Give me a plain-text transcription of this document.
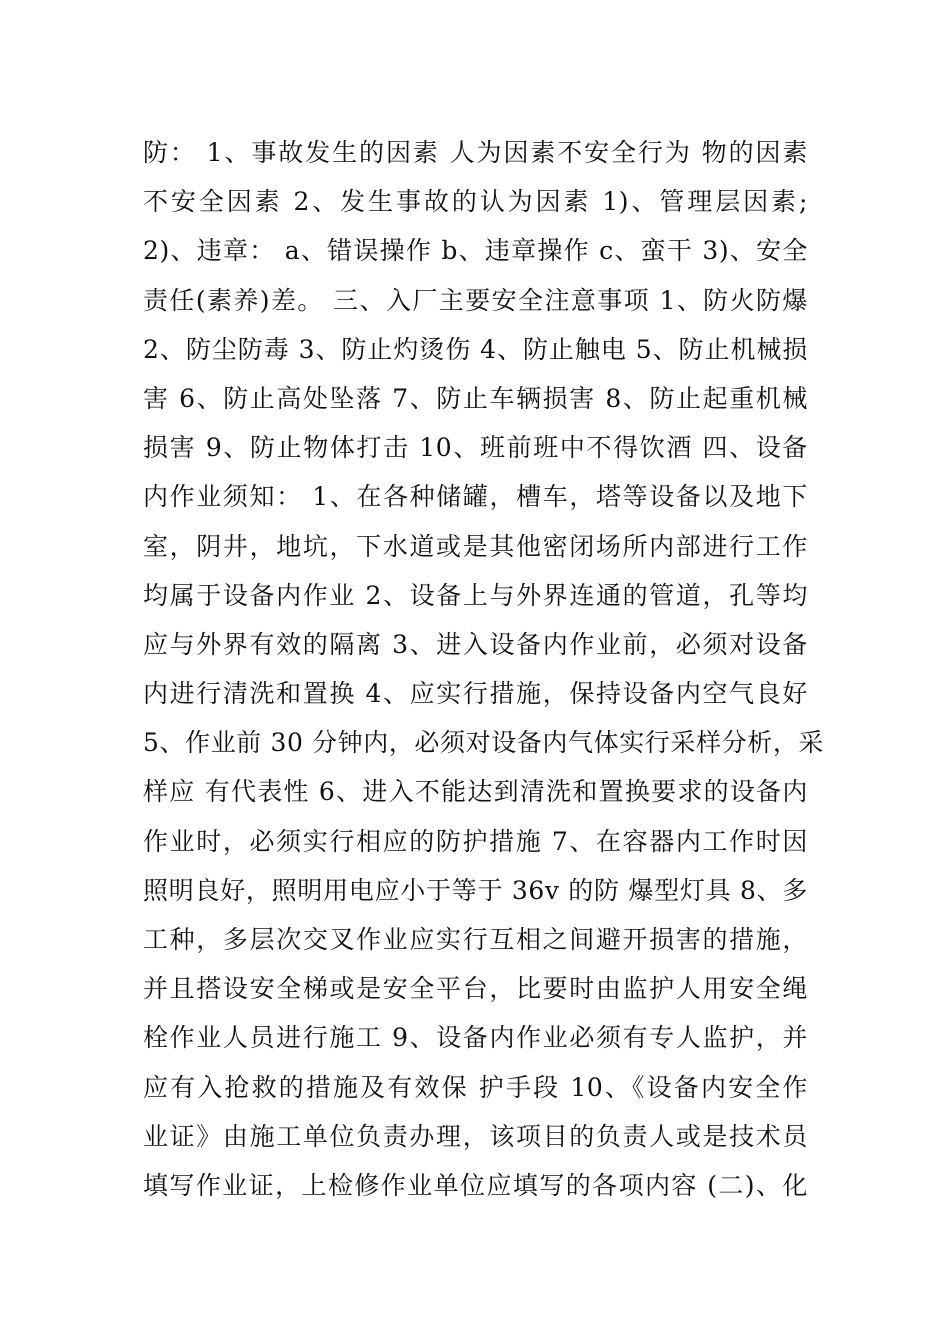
防： 1、事故发生的因素 人为因素不安全行为 物的因素
不安全因素 2、发生事故的认为因素 1)、管理层因素;
2)、违章： a、错误操作 b、违章操作 c、蛮干 3)、安全
责任(素养)差。 三、入厂主要安全注意事项 1、防火防爆
2、防尘防毒 3、防止灼烫伤 4、防止触电 5、防止机械损
害 6、防止高处坠落 7、防止车辆损害 8、防止起重机械
损害 9、防止物体打击 10、班前班中不得饮酒 四、设备
内作业须知： 1、在各种储罐，槽车，塔等设备以及地下
室，阴井，地坑，下水道或是其他密闭场所内部进行工作
均属于设备内作业 2、设备上与外界连通的管道，孔等均
应与外界有效的隔离 3、进入设备内作业前，必须对设备
内进行清洗和置换 4、应实行措施，保持设备内空气良好
5、作业前 30 分钟内，必须对设备内气体实行采样分析，采
样应 有代表性 6、进入不能达到清洗和置换要求的设备内
作业时，必须实行相应的防护措施 7、在容器内工作时因
照明良好，照明用电应小于等于 36v 的防 爆型灯具 8、多
工种，多层次交叉作业应实行互相之间避开损害的措施，
并且搭设安全梯或是安全平台，比要时由监护人用安全绳
栓作业人员进行施工 9、设备内作业必须有专人监护，并
应有入抢救的措施及有效保 护手段 10、《设备内安全作
业证》由施工单位负责办理，该项目的负责人或是技术员
填写作业证，上检修作业单位应填写的各项内容 (二)、化
